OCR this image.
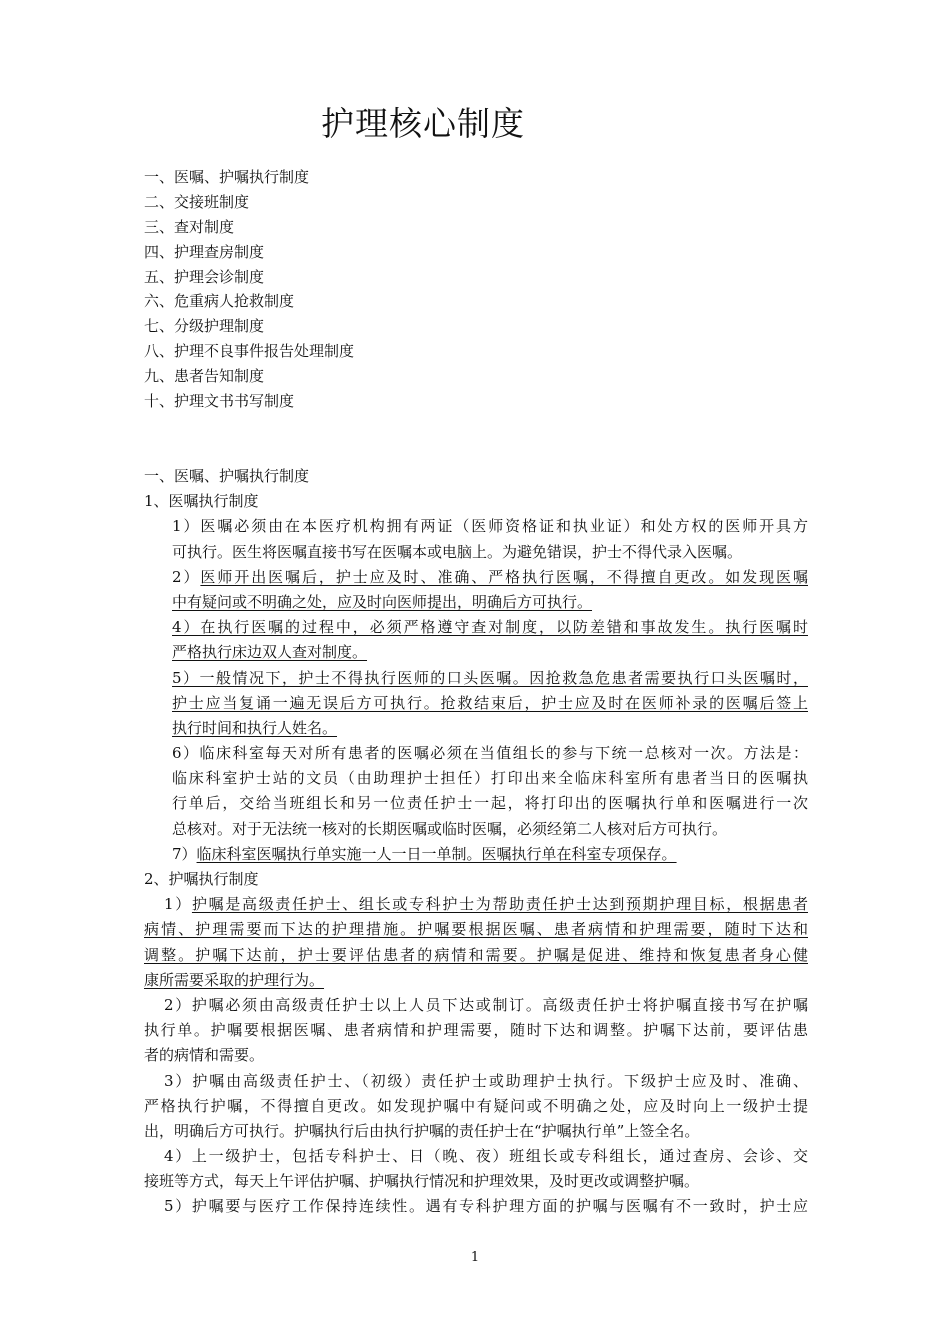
护理核心制度
一、医嘱、护嘱执行制度
二、交接班制度
三、查对制度
四、护理查房制度
五、护理会诊制度
六、危重病人抢救制度
七、分级护理制度
八、护理不良事件报告处理制度
九、患者告知制度
十、护理文书书写制度
一、医嘱、护嘱执行制度
1、医嘱执行制度
1）医嘱必须由在本医疗机构拥有两证（医师资格证和执业证）和处方权的医师开具方
可执行。医生将医嘱直接书写在医嘱本或电脑上。为避免错误，护士不得代录入医嘱。
2）医师开出医嘱后，护士应及时、准确、严格执行医嘱，不得擅自更改。如发现医嘱
中有疑问或不明确之处，应及时向医师提出，明确后方可执行。
4）在执行医嘱的过程中，必须严格遵守查对制度，以防差错和事故发生。执行医嘱时
严格执行床边双人查对制度。
5）一般情况下，护士不得执行医师的口头医嘱。因抢救急危患者需要执行口头医嘱时，
护士应当复诵一遍无误后方可执行。抢救结束后，护士应及时在医师补录的医嘱后签上
执行时间和执行人姓名。
6）临床科室每天对所有患者的医嘱必须在当值组长的参与下统一总核对一次。方法是：
临床科室护士站的文员（由助理护士担任）打印出来全临床科室所有患者当日的医嘱执
行单后，交给当班组长和另一位责任护士一起，将打印出的医嘱执行单和医嘱进行一次
总核对。对于无法统一核对的长期医嘱或临时医嘱，必须经第二人核对后方可执行。
7）临床科室医嘱执行单实施一人一日一单制。医嘱执行单在科室专项保存。
2、护嘱执行制度
1）护嘱是高级责任护士、组长或专科护士为帮助责任护士达到预期护理目标，根据患者
病情、护理需要而下达的护理措施。护嘱要根据医嘱、患者病情和护理需要，随时下达和
调整。护嘱下达前，护士要评估患者的病情和需要。护嘱是促进、维持和恢复患者身心健
康所需要采取的护理行为。
2）护嘱必须由高级责任护士以上人员下达或制订。高级责任护士将护嘱直接书写在护嘱
执行单。护嘱要根据医嘱、患者病情和护理需要，随时下达和调整。护嘱下达前，要评估患
者的病情和需要。
3）护嘱由高级责任护士、（初级）责任护士或助理护士执行。下级护士应及时、准确、
严格执行护嘱，不得擅自更改。如发现护嘱中有疑问或不明确之处，应及时向上一级护士提
出，明确后方可执行。护嘱执行后由执行护嘱的责任护士在“护嘱执行单”上签全名。
4）上一级护士，包括专科护士、日（晚、夜）班组长或专科组长，通过查房、会诊、交
接班等方式，每天上午评估护嘱、护嘱执行情况和护理效果，及时更改或调整护嘱。
5）护嘱要与医疗工作保持连续性。遇有专科护理方面的护嘱与医嘱有不一致时，护士应
1
